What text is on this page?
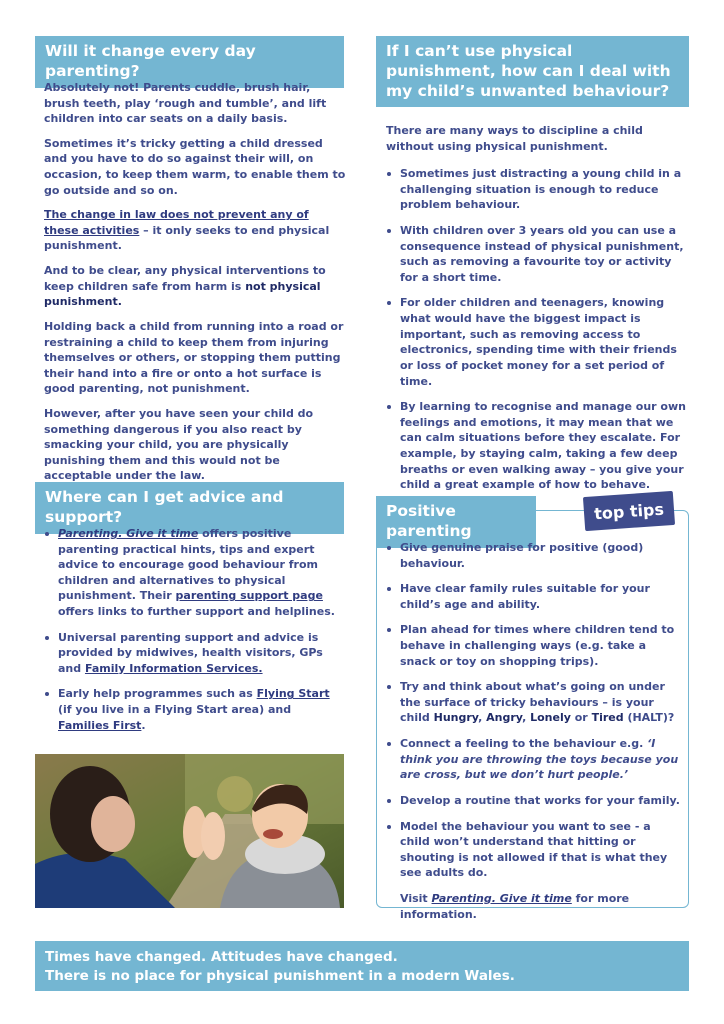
Will it change every day parenting?

Absolutely not! Parents cuddle, brush hair, brush teeth, play ‘rough and tumble’, and lift children into car seats on a daily basis.

Sometimes it’s tricky getting a child dressed and you have to do so against their will, on occasion, to keep them warm, to enable them to go outside and so on.

The change in law does not prevent any of these activities – it only seeks to end physical punishment.

And to be clear, any physical interventions to keep children safe from harm is not physical punishment.

Holding back a child from running into a road or restraining a child to keep them from injuring themselves or others, or stopping them putting their hand into a fire or onto a hot surface is good parenting, not punishment.

However, after you have seen your child do something dangerous if you also react by smacking your child, you are physically punishing them and this would not be acceptable under the law.

Where can I get advice and support?
Parenting. Give it time offers positive parenting practical hints, tips and expert advice to encourage good behaviour from children and alternatives to physical punishment. Their parenting support page offers links to further support and helplines.
Universal parenting support and advice is provided by midwives, health visitors, GPs and Family Information Services.
Early help programmes such as Flying Start (if you live in a Flying Start area) and Families First.
If I can’t use physical punishment, how can I deal with my child’s unwanted behaviour?

There are many ways to discipline a child without using physical punishment.

Sometimes just distracting a young child in a challenging situation is enough to reduce problem behaviour.
With children over 3 years old you can use a consequence instead of physical punishment, such as removing a favourite toy or activity for a short time.
For older children and teenagers, knowing what would have the biggest impact is important, such as removing access to electronics, spending time with their friends or loss of pocket money for a set period of time.
By learning to recognise and manage our own feelings and emotions, it may mean that we can calm situations before they escalate. For example, by staying calm, taking a few deep breaths or even walking away – you give your child a great example of how to behave.
Positive parenting
top tips
Give genuine praise for positive (good) behaviour.
Have clear family rules suitable for your child’s age and ability.
Plan ahead for times where children tend to behave in challenging ways (e.g. take a snack or toy on shopping trips).
Try and think about what’s going on under the surface of tricky behaviours – is your child Hungry, Angry, Lonely or Tired (HALT)?
Connect a feeling to the behaviour e.g. ‘I think you are throwing the toys because you are cross, but we don’t hurt people.’
Develop a routine that works for your family.
Model the behaviour you want to see - a child won’t understand that hitting or shouting is not allowed if that is what they see adults do.

Visit Parenting. Give it time for more information.

Times have changed. Attitudes have changed.
There is no place for physical punishment in a modern Wales.
